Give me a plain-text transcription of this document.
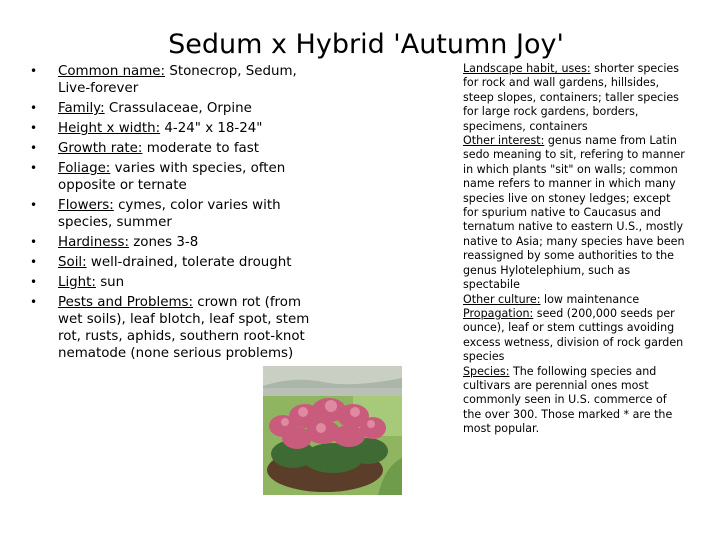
Sedum x Hybrid 'Autumn Joy'
• Common name: Stonecrop, Sedum, Live-forever
• Family: Crassulaceae, Orpine
• Height x width: 4-24" x 18-24"
• Growth rate: moderate to fast
• Foliage: varies with species, often opposite or ternate
• Flowers: cymes, color varies with species, summer
• Hardiness: zones 3-8
• Soil: well-drained, tolerate drought
• Light: sun
• Pests and Problems: crown rot (from wet soils), leaf blotch, leaf spot, stem rot, rusts, aphids, southern root-knot nematode (none serious problems)

Landscape habit, uses: shorter species for rock and wall gardens, hillsides, steep slopes, containers; taller species for large rock gardens, borders, specimens, containers

Other interest: genus name from Latin sedo meaning to sit, refering to manner in which plants "sit" on walls; common name refers to manner in which many species live on stoney ledges; except for spurium native to Caucasus and ternatum native to eastern U.S., mostly native to Asia; many species have been reassigned by some authorities to the genus Hylotelephium, such as spectabile

Other culture: low maintenance

Propagation: seed (200,000 seeds per ounce), leaf or stem cuttings avoiding excess wetness, division of rock garden species

Species: The following species and cultivars are perennial ones most commonly seen in U.S. commerce of the over 300. Those marked * are the most popular.
